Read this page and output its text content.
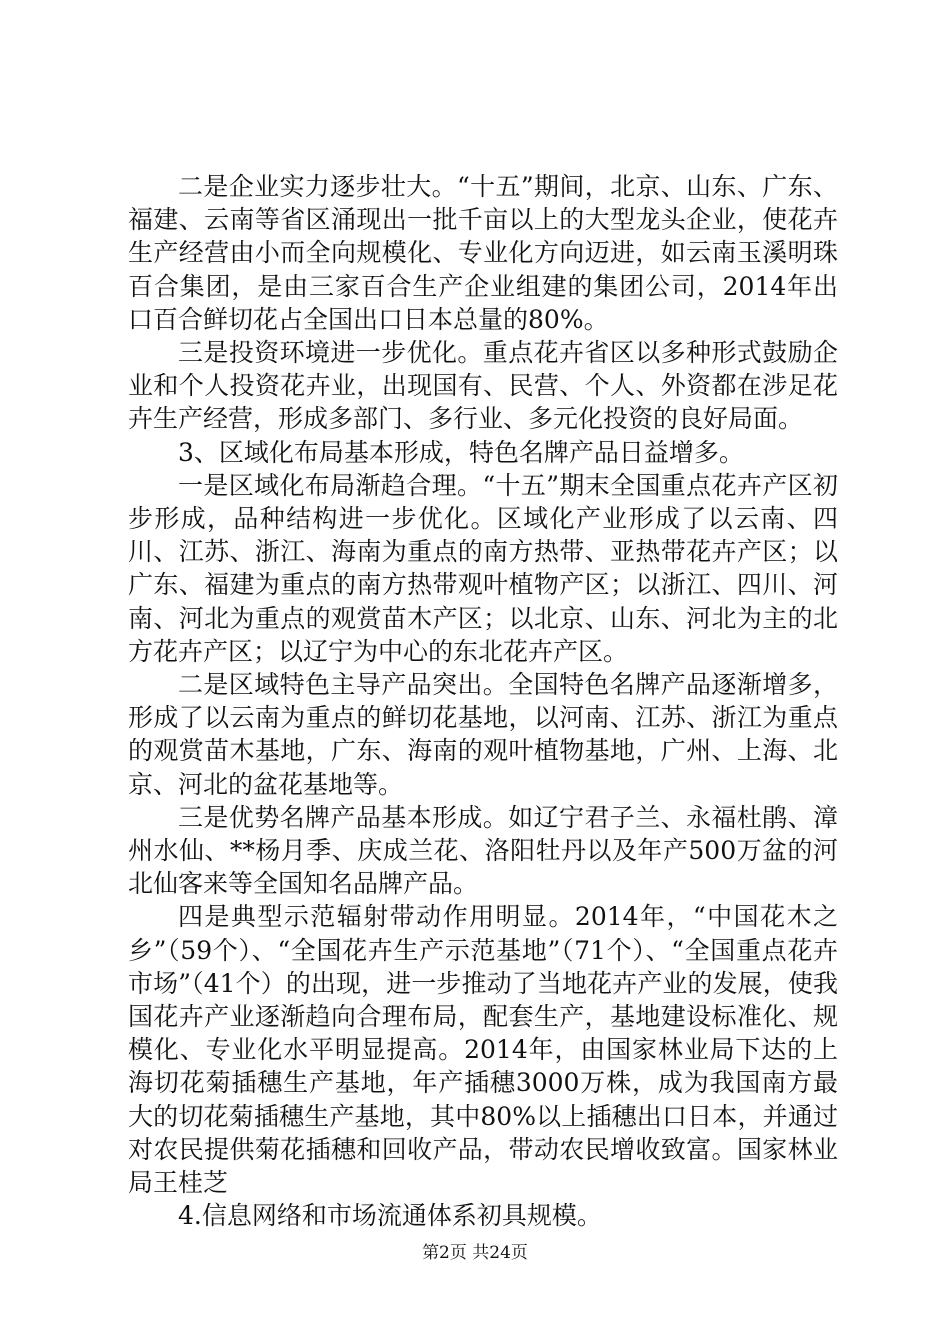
二是企业实力逐步壮大。“十五”期间，北京、山东、广东、福建、云南等省区涌现出一批千亩以上的大型龙头企业，使花卉生产经营由小而全向规模化、专业化方向迈进，如云南玉溪明珠百合集团，是由三家百合生产企业组建的集团公司，2014年出口百合鲜切花占全国出口日本总量的80%。

三是投资环境进一步优化。重点花卉省区以多种形式鼓励企业和个人投资花卉业，出现国有、民营、个人、外资都在涉足花卉生产经营，形成多部门、多行业、多元化投资的良好局面。

3、区域化布局基本形成，特色名牌产品日益增多。

一是区域化布局渐趋合理。“十五”期末全国重点花卉产区初步形成，品种结构进一步优化。区域化产业形成了以云南、四川、江苏、浙江、海南为重点的南方热带、亚热带花卉产区；以广东、福建为重点的南方热带观叶植物产区；以浙江、四川、河南、河北为重点的观赏苗木产区；以北京、山东、河北为主的北方花卉产区；以辽宁为中心的东北花卉产区。

二是区域特色主导产品突出。全国特色名牌产品逐渐增多，形成了以云南为重点的鲜切花基地，以河南、江苏、浙江为重点的观赏苗木基地，广东、海南的观叶植物基地，广州、上海、北京、河北的盆花基地等。

三是优势名牌产品基本形成。如辽宁君子兰、永福杜鹃、漳州水仙、**杨月季、庆成兰花、洛阳牡丹以及年产500万盆的河北仙客来等全国知名品牌产品。

四是典型示范辐射带动作用明显。2014年，“中国花木之乡”（59个）、“全国花卉生产示范基地”（71个）、“全国重点花卉市场”（41个）的出现，进一步推动了当地花卉产业的发展，使我国花卉产业逐渐趋向合理布局，配套生产，基地建设标准化、规模化、专业化水平明显提高。2014年，由国家林业局下达的上海切花菊插穗生产基地，年产插穗3000万株，成为我国南方最大的切花菊插穗生产基地，其中80%以上插穗出口日本，并通过对农民提供菊花插穗和回收产品，带动农民增收致富。国家林业局王桂芝

4.信息网络和市场流通体系初具规模。

第2页 共24页
